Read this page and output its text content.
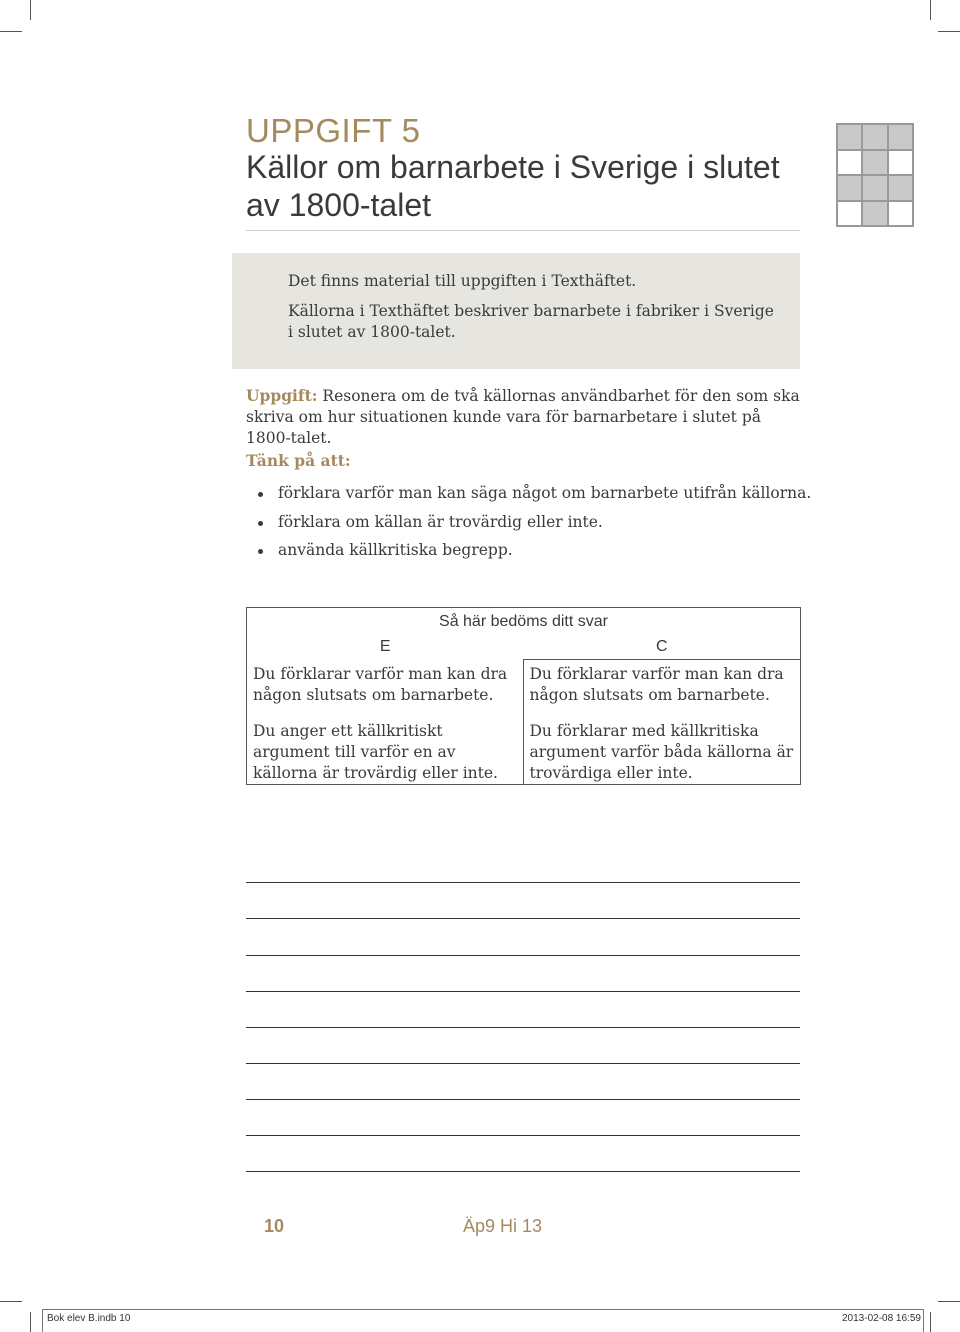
UPPGIFT 5
Källor om barnarbete i Sverige i slutet av 1800-talet

Det finns material till uppgiften i Texthäftet.

Källorna i Texthäftet beskriver barnarbete i fabriker i Sverige i slutet av 1800-talet.

Uppgift: Resonera om de två källornas användbarhet för den som ska skriva om hur situationen kunde vara för barnarbetare i slutet på 1800-talet.
Tänk på att:
förklara varför man kan säga något om barnarbete utifrån källorna.
förklara om källan är trovärdig eller inte.
använda källkritiska begrepp.
Så här bedöms ditt svar
E

Du förklarar varför man kan dra någon slutsats om barnarbete.

Du anger ett källkritiskt argument till varför en av källorna är trovärdig eller inte.

C

Du förklarar varför man kan dra någon slutsats om barnarbete.

Du förklarar med källkritiska argument varför båda källorna är trovärdiga eller inte.

10	Äp9 Hi 13
Bok elev B.indb 10	2013-02-08 16:59
